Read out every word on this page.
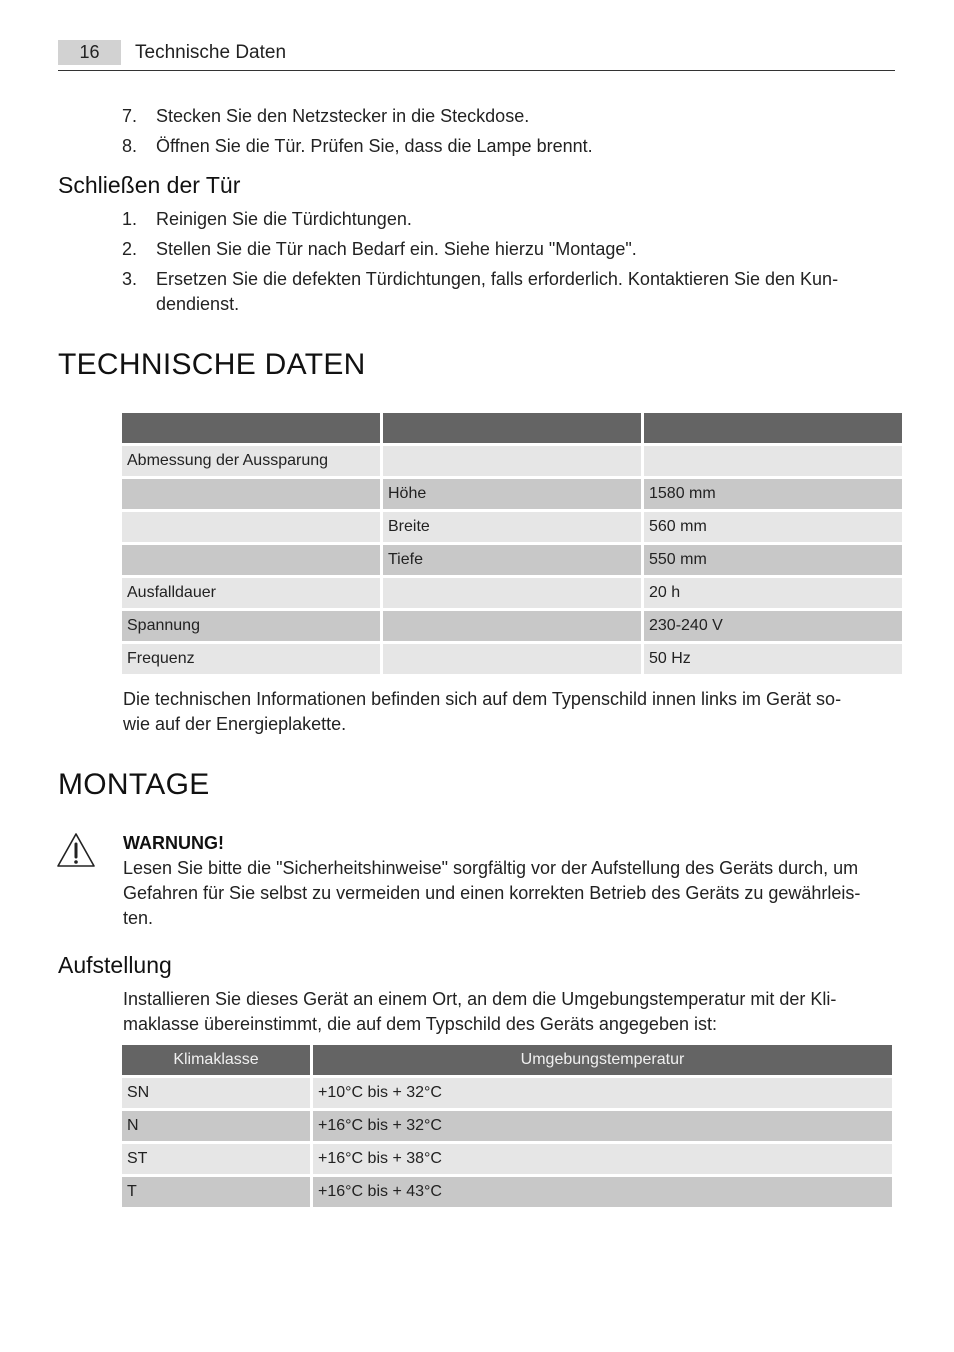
16	Technische Daten
7.	Stecken Sie den Netzstecker in die Steckdose.
8.	Öffnen Sie die Tür. Prüfen Sie, dass die Lampe brennt.
Schließen der Tür
1.	Reinigen Sie die Türdichtungen.
2.	Stellen Sie die Tür nach Bedarf ein. Siehe hierzu "Montage".
3.	Ersetzen Sie die defekten Türdichtungen, falls erforderlich. Kontaktieren Sie den Kun-dendienst.
TECHNISCHE DATEN

Abmessung der Aussparung		
	Höhe	1580 mm
	Breite	560 mm
	Tiefe	550 mm
Ausfalldauer		20 h
Spannung		230-240 V
Frequenz		50 Hz
Die technischen Informationen befinden sich auf dem Typenschild innen links im Gerät so-
wie auf der Energieplakette.
MONTAGE
WARNUNG!
Lesen Sie bitte die "Sicherheitshinweise" sorgfältig vor der Aufstellung des Geräts durch, um
Gefahren für Sie selbst zu vermeiden und einen korrekten Betrieb des Geräts zu gewährleis-
ten.
Aufstellung
Installieren Sie dieses Gerät an einem Ort, an dem die Umgebungstemperatur mit der Kli-
maklasse übereinstimmt, die auf dem Typschild des Geräts angegeben ist:
Klimaklasse	Umgebungstemperatur
SN	+10°C bis + 32°C
N	+16°C bis + 32°C
ST	+16°C bis + 38°C
T	+16°C bis + 43°C
